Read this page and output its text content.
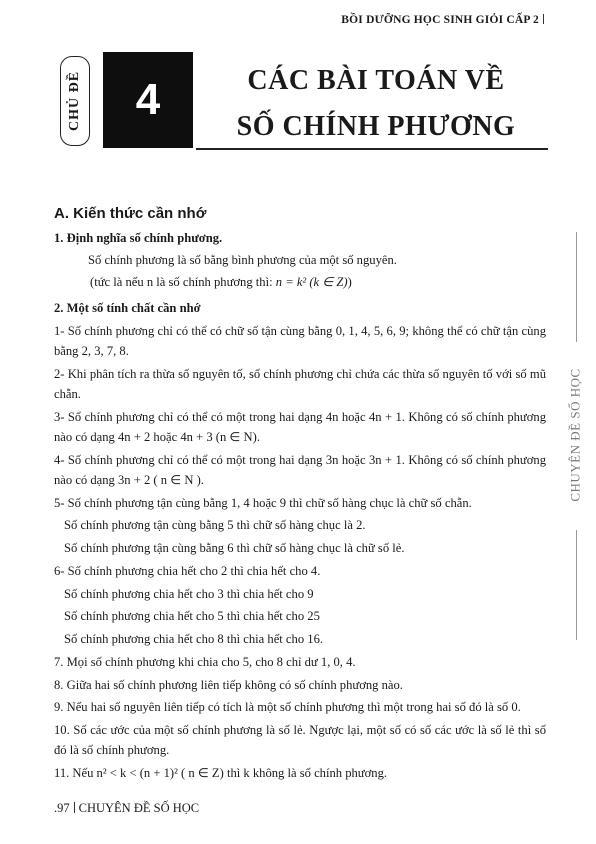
BỒI DƯỠNG HỌC SINH GIỎI CẤP 2
CHỦ ĐỀ	4	CÁC BÀI TOÁN VỀ
SỐ CHÍNH PHƯƠNG
A. Kiến thức cần nhớ
1. Định nghĩa số chính phương.
Số chính phương là số bằng bình phương của một số nguyên.
(tức là nếu n là số chính phương thì: n = k² (k ∈ Z))
2. Một số tính chất cần nhớ
1- Số chính phương chỉ có thể có chữ số tận cùng bằng 0, 1, 4, 5, 6, 9; không thể có chữ tận cùng bằng 2, 3, 7, 8.
2- Khi phân tích ra thừa số nguyên tố, số chính phương chỉ chứa các thừa số nguyên tố với số mũ chẵn.
3- Số chính phương chỉ có thể có một trong hai dạng 4n hoặc 4n + 1. Không có số chính phương nào có dạng 4n + 2 hoặc 4n + 3 (n ∈ N).
4- Số chính phương chỉ có thể có một trong hai dạng 3n hoặc 3n + 1. Không có số chính phương nào có dạng 3n + 2 ( n ∈ N ).
5- Số chính phương tận cùng bằng 1, 4 hoặc 9 thì chữ số hàng chục là chữ số chẵn.
Số chính phương tận cùng bằng 5 thì chữ số hàng chục là 2.
Số chính phương tận cùng bằng 6 thì chữ số hàng chục là chữ số lẻ.
6- Số chính phương chia hết cho 2 thì chia hết cho 4.
Số chính phương chia hết cho 3 thì chia hết cho 9
Số chính phương chia hết cho 5 thì chia hết cho 25
Số chính phương chia hết cho 8 thì chia hết cho 16.
7. Mọi số chính phương khi chia cho 5, cho 8 chỉ dư 1, 0, 4.
8. Giữa hai số chính phương liên tiếp không có số chính phương nào.
9. Nếu hai số nguyên liên tiếp có tích là một số chính phương thì một trong hai số đó là số 0.
10. Số các ước của một số chính phương là số lẻ. Ngược lại, một số có số các ước là số lẻ thì số đó là số chính phương.
11. Nếu n² < k < (n + 1)² ( n ∈ Z) thì k không là số chính phương.
CHUYÊN ĐỀ SỐ HỌC
.97 CHUYÊN ĐỀ SỐ HỌC
